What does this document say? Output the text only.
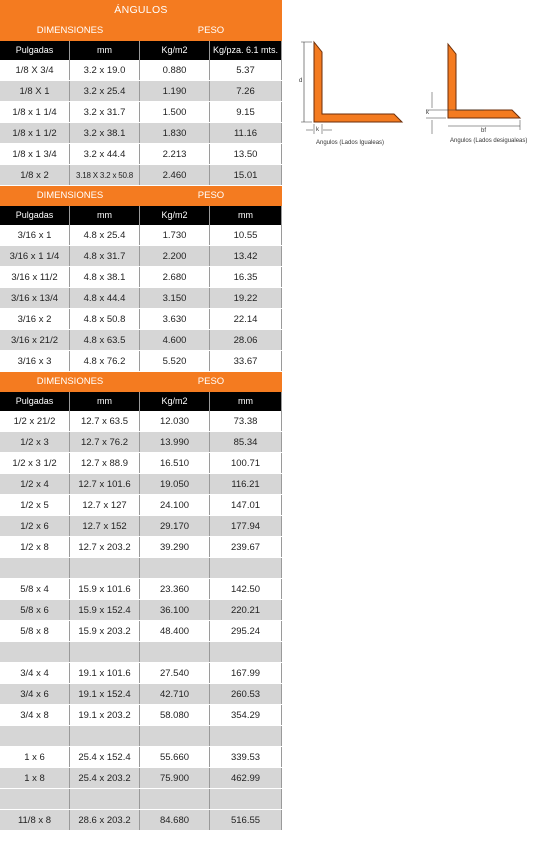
ÁNGULOS
DIMENSIONES	PESO
Pulgadas	mm	Kg/m2	Kg/pza. 6.1 mts.
1/8 X 3/4	3.2 x 19.0	0.880	5.37
1/8 X 1	3.2 x 25.4	1.190	7.26
1/8 x 1 1/4	3.2 x 31.7	1.500	9.15
1/8 x 1 1/2	3.2 x 38.1	1.830	11.16
1/8 x 1 3/4	3.2 x 44.4	2.213	13.50
1/8 x 2	3.18 X 3.2 x 50.8	2.460	15.01
DIMENSIONES	PESO
Pulgadas	mm	Kg/m2	mm
3/16 x 1	4.8 x 25.4	1.730	10.55
3/16 x 1 1/4	4.8 x 31.7	2.200	13.42
3/16 x 11/2	4.8 x 38.1	2.680	16.35
3/16 x 13/4	4.8 x 44.4	3.150	19.22
3/16 x 2	4.8 x 50.8	3.630	22.14
3/16 x 21/2	4.8 x 63.5	4.600	28.06
3/16 x 3	4.8 x 76.2	5.520	33.67
DIMENSIONES	PESO
Pulgadas	mm	Kg/m2	mm
1/2 x 21/2	12.7 x 63.5	12.030	73.38
1/2 x 3	12.7 x 76.2	13.990	85.34
1/2 x 3 1/2	12.7 x 88.9	16.510	100.71
1/2 x 4	12.7 x 101.6	19.050	116.21
1/2 x 5	12.7 x 127	24.100	147.01
1/2 x 6	12.7 x 152	29.170	177.94
1/2 x 8	12.7 x 203.2	39.290	239.67
5/8 x 4	15.9 x 101.6	23.360	142.50
5/8 x 6	15.9 x 152.4	36.100	220.21
5/8 x 8	15.9 x 203.2	48.400	295.24
3/4 x 4	19.1 x 101.6	27.540	167.99
3/4 x 6	19.1 x 152.4	42.710	260.53
3/4 x 8	19.1 x 203.2	58.080	354.29
1 x 6	25.4 x 152.4	55.660	339.53
1 x 8	25.4 x 203.2	75.900	462.99
11/8 x 8	28.6 x 203.2	84.680	516.55
d
k
Angulos (Lados Igualeas)
k
bf
Angulos (Lados desigualeas)
